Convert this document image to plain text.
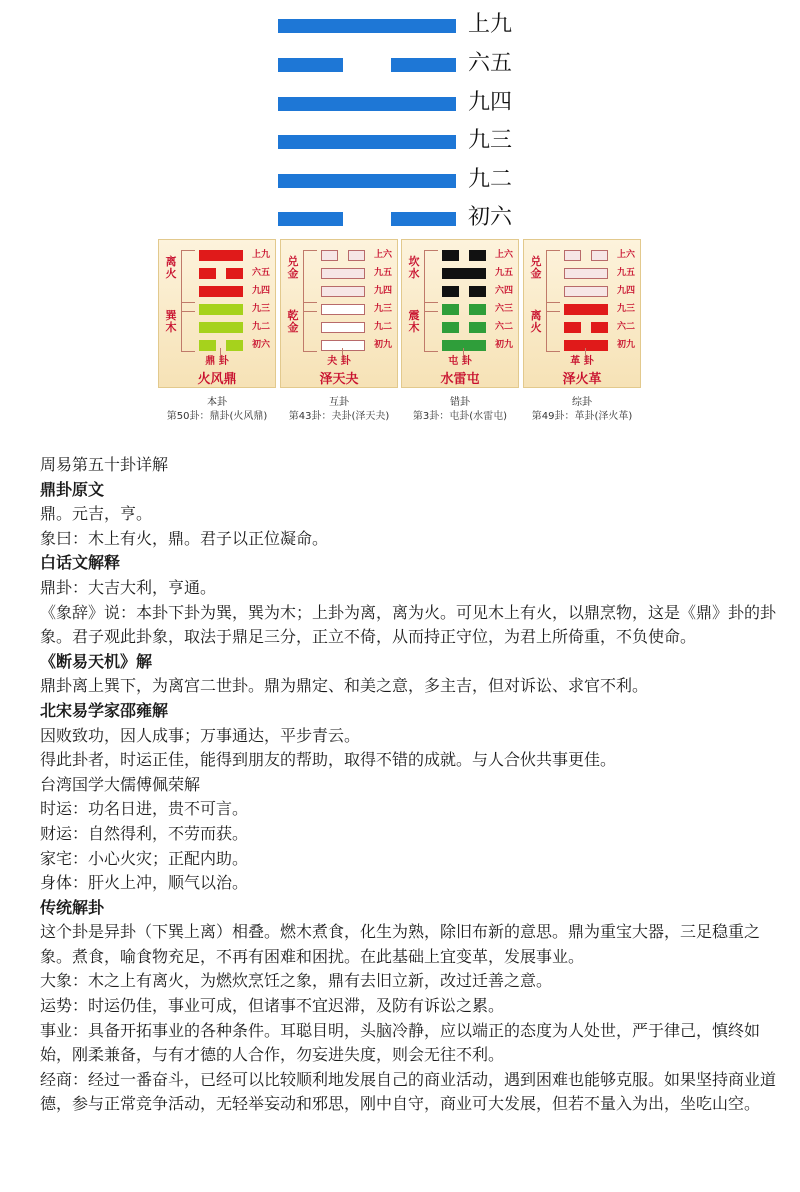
上九
六五
九四
九三
九二
初六
离火
巽木
上九
六五
九四
九三
九二
初六
鼎 卦
火风鼎
本卦
第50卦：鼎卦(火风鼎)
兑金
乾金
上六
九五
九四
九三
九二
初九
夬 卦
泽天夬
互卦
第43卦：夬卦(泽天夬)
坎水
震木
上六
九五
六四
六三
六二
初九
屯 卦
水雷屯
错卦
第3卦：屯卦(水雷屯)
兑金
离火
上六
九五
九四
九三
六二
初九
革 卦
泽火革
综卦
第49卦：革卦(泽火革)

周易第五十卦详解

鼎卦原文

鼎。元吉，亨。

象曰：木上有火，鼎。君子以正位凝命。

白话文解释

鼎卦：大吉大利，亨通。

《象辞》说：本卦下卦为巽，巽为木；上卦为离，离为火。可见木上有火，以鼎烹物，这是《鼎》卦的卦象。君子观此卦象，取法于鼎足三分，正立不倚，从而持正守位，为君上所倚重，不负使命。

《断易天机》解

鼎卦离上巽下，为离宫二世卦。鼎为鼎定、和美之意，多主吉，但对诉讼、求官不利。

北宋易学家邵雍解

因败致功，因人成事；万事通达，平步青云。

得此卦者，时运正佳，能得到朋友的帮助，取得不错的成就。与人合伙共事更佳。

台湾国学大儒傅佩荣解

时运：功名日进，贵不可言。

财运：自然得利，不劳而获。

家宅：小心火灾；正配内助。

身体：肝火上冲，顺气以治。

传统解卦

这个卦是异卦（下巽上离）相叠。燃木煮食，化生为熟，除旧布新的意思。鼎为重宝大器，三足稳重之象。煮食，喻食物充足，不再有困难和困扰。在此基础上宜变革，发展事业。

大象：木之上有离火，为燃炊烹饪之象，鼎有去旧立新，改过迁善之意。

运势：时运仍佳，事业可成，但诸事不宜迟滞，及防有诉讼之累。

事业：具备开拓事业的各种条件。耳聪目明，头脑冷静，应以端正的态度为人处世，严于律己，慎终如始，刚柔兼备，与有才德的人合作，勿妄进失度，则会无往不利。

经商：经过一番奋斗，已经可以比较顺利地发展自己的商业活动，遇到困难也能够克服。如果坚持商业道德，参与正常竞争活动，无轻举妄动和邪思，刚中自守，商业可大发展，但若不量入为出，坐吃山空。
